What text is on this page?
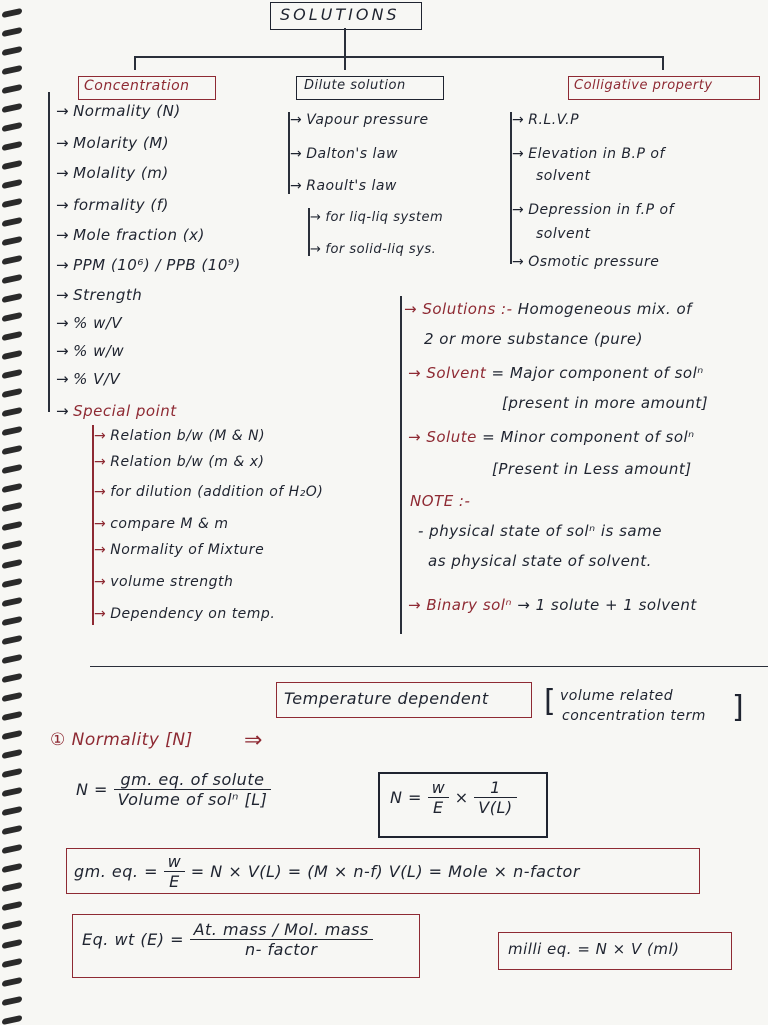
SOLUTIONS
Concentration	Dilute solution	Colligative property
→ Solutions :- Homogeneous mix. of
2 or more substance (pure)
→ Solvent = Major component of solⁿ
[present in more amount]
→ Solute = Minor component of solⁿ
[Present in Less amount]
NOTE :-
- physical state of solⁿ is same
as physical state of solvent.
→ Binary solⁿ → 1 solute + 1 solvent
Temperature dependent [ volume related
concentration term ]
① Normality [N] ⇒
$N = \frac{\text{gm. eq. of solute}}{\text{Volume of solⁿ [L]}}$	$N = \frac{w}{E} \times \frac{1}{V(L)}$
gm. eq. = $\frac{w}{E} = N \times V(L) = (M \times n-f) V(L)$ = Mole × n-factor
Eq. wt $(E) = \frac{\text{At. mass / Mol. mass}}{\text{n- factor}}$	milli eq. = N × V (ml)
→ Normality (N)
→ Molarity (M)
→ Molality (m)
→ formality (f)
→ Mole fraction (x)
→ PPM (10⁶) / PPB (10⁹)
→ Strength
→ % w/V
→ % w/w
→ % V/V
→ Special point
→ Relation b/w (M & N)
→ Relation b/w (m & x)
→ for dilution (addition of H₂O)
→ compare M & m
→ Normality of Mixture
→ volume strength
→ Dependency on temp.
→ Vapour pressure
→ Dalton's law
→ Raoult's law
→ for liq-liq system
→ for solid-liq sys.
→ R.L.V.P
→ Elevation in B.P of
solvent
→ Depression in f.P of
solvent
→ Osmotic pressure
